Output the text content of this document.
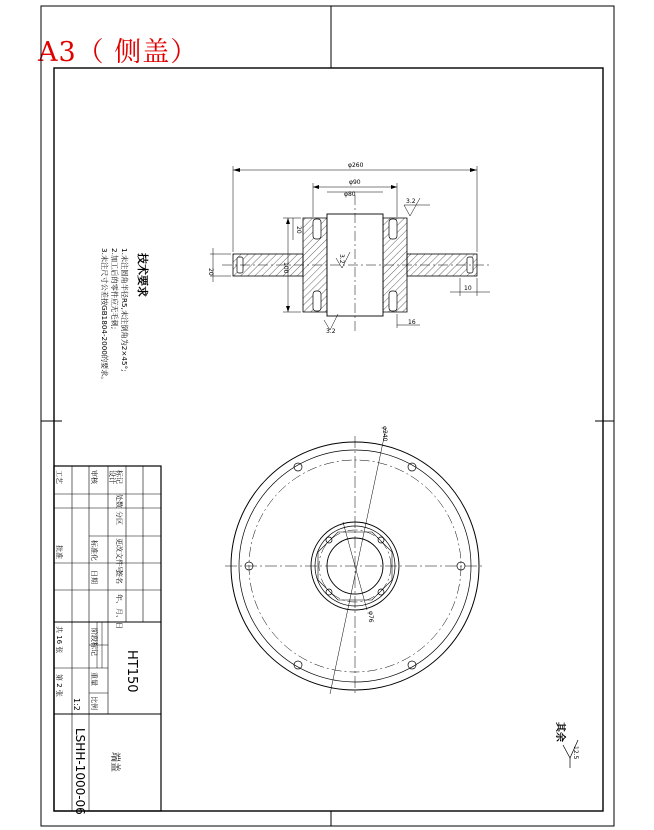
A3（ 侧盖）
φ260
φ90
φ80
3.2
3.2
10
16
20	100
20
3.2
φ240
φ76
12.5
设计 标记
处数
分区
更改文件号
签名
年、月、日
审核
工艺
标准化
批准
日期
阶段标记
重量
比例
1:2
共 16 张
第 2 张	HT150
LSHH-1000-06 端盖
其余
技术要求
1.未注圆角半径R5,未注倒角为2×45°;
2.加工后的零件应无毛刺;
3.未注尺寸公差按GB1804-2000的要求。
